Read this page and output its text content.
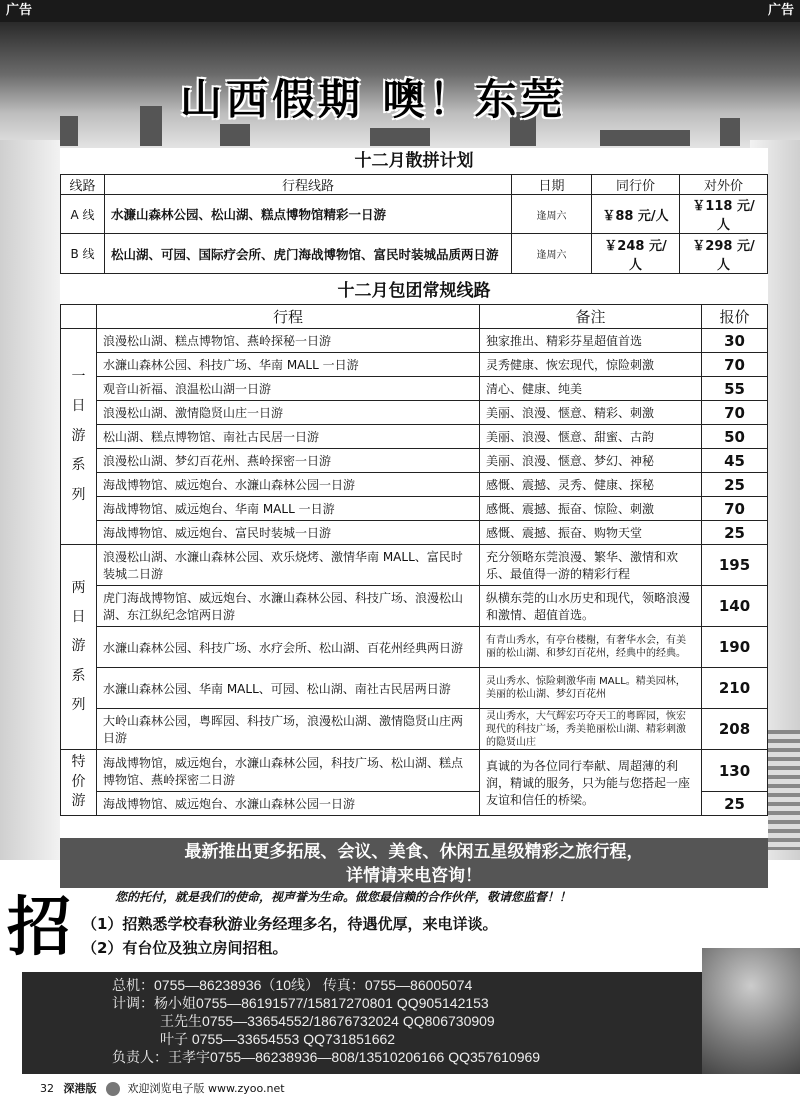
广告	广告
山西假期 噢！东莞
十二月散拼计划
线路	行程线路	日期	同行价	对外价
A 线	水濂山森林公园、松山湖、糕点博物馆精彩一日游	逢周六	￥88 元/人	￥118 元/人
B 线	松山湖、可园、国际疗会所、虎门海战博物馆、富民时装城品质两日游	逢周六	￥248 元/人	￥298 元/人
十二月包团常规线路
	行程	备注	报价

一
日
游
系
列	浪漫松山湖、糕点博物馆、燕岭探秘一日游	独家推出、精彩芬星超值首选	30
	水濂山森林公园、科技广场、华南 MALL 一日游	灵秀健康、恢宏现代，惊险刺激	70
	观音山祈福、浪温松山湖一日游	清心、健康、纯美	55
	浪漫松山湖、激情隐贤山庄一日游	美丽、浪漫、惬意、精彩、刺激	70
	松山湖、糕点博物馆、南社古民居一日游	美丽、浪漫、惬意、甜蜜、古韵	50
	浪漫松山湖、梦幻百花州、燕岭探密一日游	美丽、浪漫、惬意、梦幻、神秘	45
	海战博物馆、威远炮台、水濂山森林公园一日游	感慨、震撼、灵秀、健康、探秘	25
	海战博物馆、威远炮台、华南 MALL 一日游	感慨、震撼、振奋、惊险、刺激	70
	海战博物馆、威远炮台、富民时装城一日游	感慨、震撼、振奋、购物天堂	25

两
日
游
系
列	浪漫松山湖、水濂山森林公园、欢乐烧烤、激情华南 MALL、富民时装城二日游	充分领略东莞浪漫、繁华、激情和欢乐、最值得一游的精彩行程	195
	虎门海战博物馆、威远炮台、水濂山森林公园、科技广场、浪漫松山湖、东江纵纪念馆两日游	纵横东莞的山水历史和现代，领略浪漫和激情、超值首选。	140
	水濂山森林公园、科技广场、水疗会所、松山湖、百花州经典两日游	有青山秀水，有亭台楼榭，有奢华水会，有美丽的松山湖、和梦幻百花州，经典中的经典。	190
	水濂山森林公园、华南 MALL、可园、松山湖、南社古民居两日游	灵山秀水、惊险刺激华南 MALL。精美园林，美丽的松山湖、梦幻百花州	210
	大岭山森林公园，粤晖园、科技广场，浪漫松山湖、激情隐贤山庄两日游	灵山秀水，大气辉宏巧夺天工的粤晖园，恢宏现代的科技广场，秀美艳丽松山湖、精彩刺激的隐贤山庄	208

特
价
游	海战博物馆，威远炮台，水濂山森林公园，科技广场、松山湖、糕点博物馆、燕岭探密二日游	真诚的为各位同行奉献、周超薄的利润，精诚的服务，只为能与您搭起一座友谊和信任的桥梁。	130
	海战博物馆、威远炮台、水濂山森林公园一日游		25
最新推出更多拓展、会议、美食、休闲五星级精彩之旅行程，
详情请来电咨询！
您的托付，就是我们的使命，视声誉为生命。做您最信赖的合作伙伴，敬请您监督！！
招 （1）招熟悉学校春秋游业务经理多名，待遇优厚，来电详谈。
（2）有台位及独立房间招租。
总机：0755—86238936（10线） 传真：0755—86005074
计调：杨小姐0755—86191577/15817270801 QQ905142153
王先生0755—33654552/18676732024 QQ806730909
叶子 0755—33654553 QQ731851662
负责人：王孝宇0755—86238936—808/13510206166 QQ357610969
32 深港版	欢迎浏览电子版 www.zyoo.net
